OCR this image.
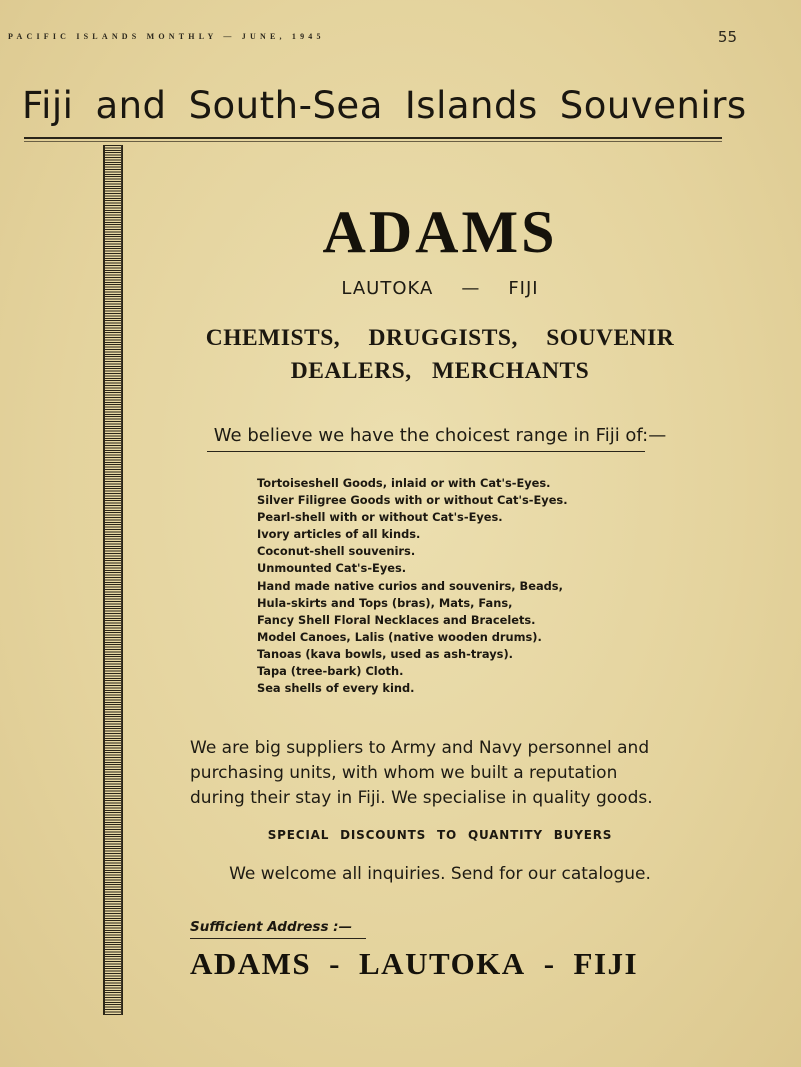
PACIFIC ISLANDS MONTHLY — JUNE, 1945	55
Fiji and South-Sea Islands Souvenirs
ADAMS
LAUTOKA — FIJI
CHEMISTS, DRUGGISTS, SOUVENIR
DEALERS, MERCHANTS
We believe we have the choicest range in Fiji of:—
Tortoiseshell Goods, inlaid or with Cat's-Eyes.
Silver Filigree Goods with or without Cat's-Eyes.
Pearl-shell with or without Cat's-Eyes.
Ivory articles of all kinds.
Coconut-shell souvenirs.
Unmounted Cat's-Eyes.
Hand made native curios and souvenirs, Beads,
Hula-skirts and Tops (bras), Mats, Fans,
Fancy Shell Floral Necklaces and Bracelets.
Model Canoes, Lalis (native wooden drums).
Tanoas (kava bowls, used as ash-trays).
Tapa (tree-bark) Cloth.
Sea shells of every kind.
We are big suppliers to Army and Navy personnel and
purchasing units, with whom we built a reputation
during their stay in Fiji. We specialise in quality goods.
SPECIAL DISCOUNTS TO QUANTITY BUYERS
We welcome all inquiries. Send for our catalogue.
Sufficient Address :—
ADAMS - LAUTOKA - FIJI
